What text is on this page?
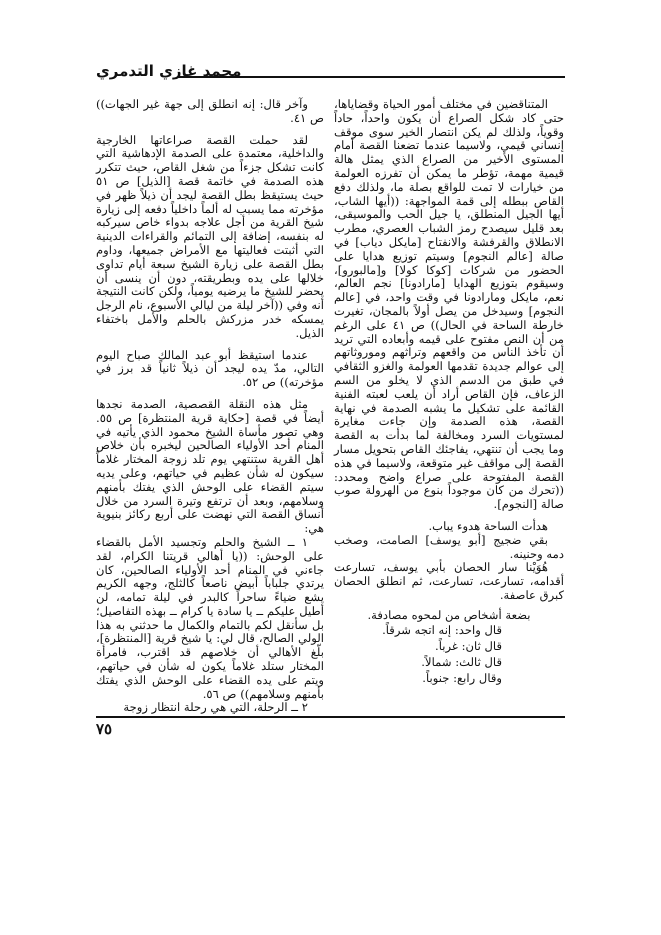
محمد غازي التدمري

المتناقضين في مختلف أمور الحياة وقضاياها، حتى كاد شكل الصراع أن يكون واحداً، حاداً وقوياً، ولذلك لم يكن انتصار الخير سوى موقف إنساني قيمي، ولاسيما عندما تضعنا القصة أمام المستوى الأخير من الصراع الذي يمثل هالة قيمية مهمة، تؤطر ما يمكن أن تفرزه العولمة من خيارات لا تمت للواقع بصلة ما، ولذلك دفع القاص ببطله إلى قمة المواجهة: ((أيها الشاب، أيها الجيل المنطلق، يا جيل الحب والموسيقى، بعد قليل سيصدح رمز الشباب العصري، مطرب الانطلاق والقرفشة والانفتاح [مايكل دياب] في صالة [عالم النجوم] وسيتم توزيع هدايا على الحضور من شركات [كوكا كولا] و[مالبورو]، وسيقوم بتوزيع الهدايا [مارادونا] نجم العالم، نعم، مايكل ومارادونا في وقت واحد، في [عالم النجوم] وسيدخل من يصل أولاً بالمجان، تغيرت خارطة الساحة في الحال)) ص ٤١ على الرغم من أن النص مفتوح على قيمه وأبعاده التي تريد أن تأخذ الناس من واقعهم وتراثهم وموروثاتهم إلى عوالم جديدة تقدمها العولمة والغزو الثقافي في طبق من الدسم الذي لا يخلو من السم الزعاف، فإن القاص أراد أن يلعب لعبته الفنية القائمة على تشكيل ما يشبه الصدمة في نهاية القصة، هذه الصدمة وإن جاءت مغايرة لمستويات السرد ومخالفة لما بدأت به القصة وما يجب أن تنتهي، يفاجئك القاص بتحويل مسار القصة إلى مواقف غير متوقعة، ولاسيما في هذه القصة المفتوحة على صراع واضح ومحدد: ((تحرك من كان موجوداً بنوع من الهرولة صوب صالة [النجوم].

هدأت الساحة هدوء يباب.

بقي ضجيج [أبو يوسف] الصامت، وصخب دمه وحنينه.

هُوَيْنا سار الحصان بأبي يوسف، تسارعت أقدامه، تسارعت، تسارعت، ثم انطلق الحصان كبرق عاصفة.

بضعة أشخاص من لمحوه مصادفة.

قال واحد: إنه اتجه شرقاً.

قال ثان: غرباً.

قال ثالث: شمالاً.

وقال رابع: جنوباً.

وآخر قال: إنه انطلق إلى جهة غير الجهات)) ص ٤١.

لقد حملت القصة صراعاتها الخارجية والداخلية، معتمدة على الصدمة الإدهاشية التي كانت تشكل جزءاً من شغل القاص، حيث تتكرر هذه الصدمة في خاتمة قصة [الذيل] ص ٥١ حيث يستيقظ بطل القصة ليجد أن ذيلاً ظهر في مؤخرته مما يسبب له ألماً داخلياً دفعه إلى زيارة شيخ القرية من أجل علاجه بدواء خاص سيركبه له بنفسه، إضافة إلى التمائم والقراءات الدينية التي أثبتت فعاليتها مع الأمراض جميعها، وداوم بطل القصة على زيارة الشيخ سبعة أيام تداوى خلالها على يده وبطريقته، دون أن ينسى أن يحضر للشيخ ما يرضيه يومياً، ولكن كانت النتيجة أنه وفي ((آخر ليلة من ليالي الأسبوع، نام الرجل يمسكه خدر مزركش بالحلم والأمل باختفاء الذيل.

عندما استيقظ أبو عبد المالك صباح اليوم التالي، مدّ يده ليجد أن ذيلاً ثانياً قد برز في مؤخرته)) ص ٥٢.

مثل هذه النقلة القصصية، الصدمة نجدها أيضاً في قصة [حكاية قرية المنتظرة] ص ٥٥. وهي تصور مأساة الشيخ محمود الذي يأتيه في المنام أحد الأولياء الصالحين ليخبره بأن خلاص أهل القرية ستنتهي يوم تلد زوجة المختار غلاماً سيكون له شأن عظيم في حياتهم، وعلى يديه سيتم القضاء على الوحش الذي يفتك بأمنهم وسلامهم، وبعد أن ترتفع وتيرة السرد من خلال أنساق القصة التي نهضت على أربع ركائز بنيوية هي:

١ ــ الشيخ والحلم وتجسيد الأمل بالقضاء على الوحش: ((يا أهالي قريتنا الكرام، لقد جاءني في المنام أحد الأولياء الصالحين، كان يرتدي جلباباً أبيض ناصعاً كالثلج، وجهه الكريم يشع ضياءً ساحراً كالبدر في ليلة تمامه، لن أطيل عليكم ــ يا سادة يا كرام ــ بهذه التفاصيل؛ بل سأنقل لكم بالتمام والكمال ما حدثني به هذا الولي الصالح، قال لي: يا شيخ قرية [المنتظرة]، بلّغ الأهالي أن خلاصهم قد اقترب، فامرأة المختار ستلد غلاماً يكون له شأن في حياتهم، ويتم على يده القضاء على الوحش الذي يفتك بأمنهم وسلامهم)) ص ٥٦.

٢ ــ الرحلة، التي هي رحلة انتظار زوجة

٧٥
